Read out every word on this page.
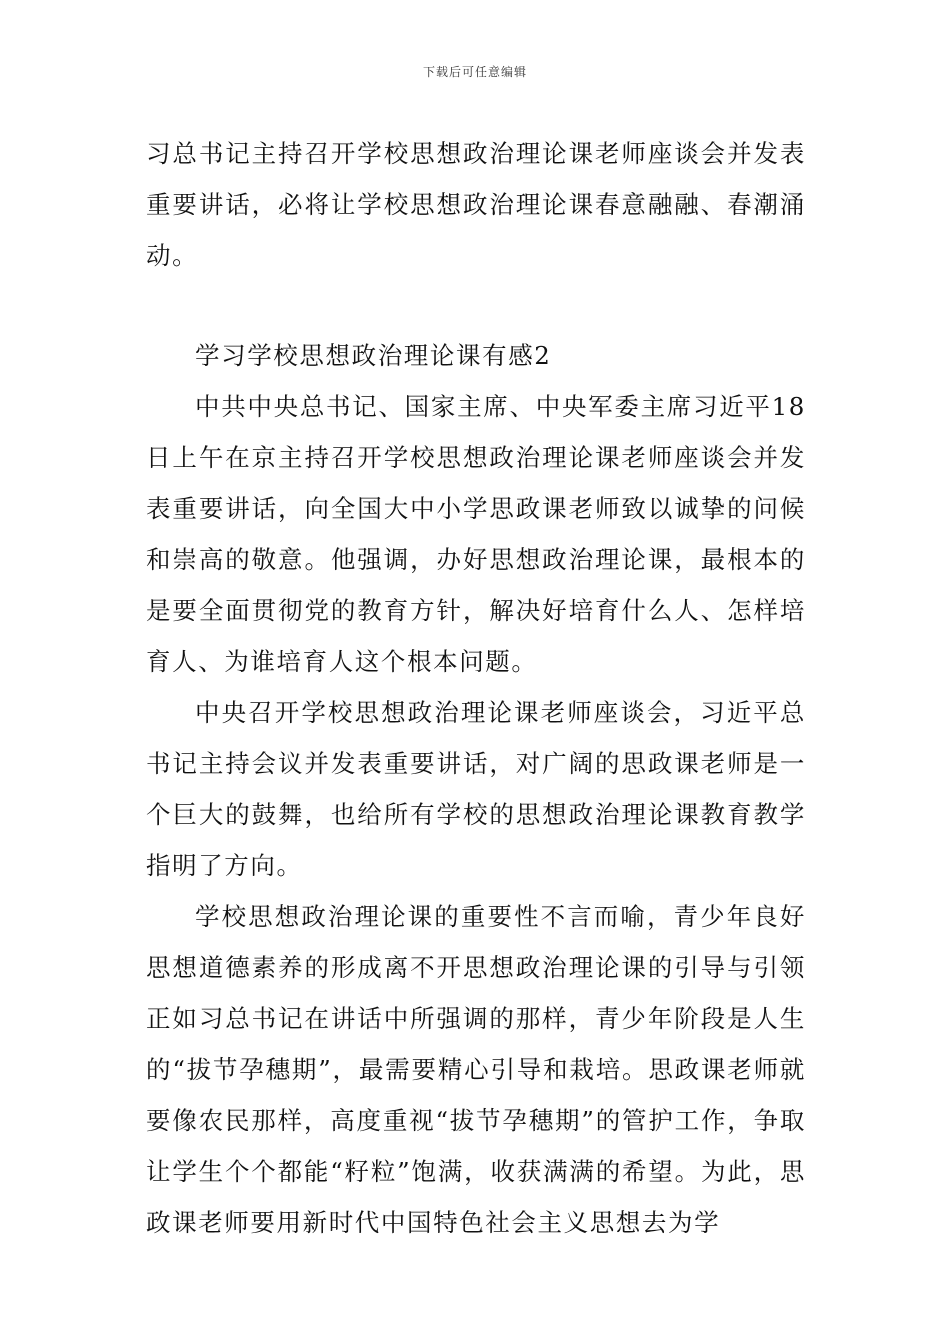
下载后可任意编辑

习总书记主持召开学校思想政治理论课老师座谈会并发表重要讲话，必将让学校思想政治理论课春意融融、春潮涌动。

学习学校思想政治理论课有感2

中共中央总书记、国家主席、中央军委主席习近平18日上午在京主持召开学校思想政治理论课老师座谈会并发表重要讲话，向全国大中小学思政课老师致以诚挚的问候和崇高的敬意。他强调，办好思想政治理论课，最根本的是要全面贯彻党的教育方针，解决好培育什么人、怎样培育人、为谁培育人这个根本问题。

中央召开学校思想政治理论课老师座谈会，习近平总书记主持会议并发表重要讲话，对广阔的思政课老师是一个巨大的鼓舞，也给所有学校的思想政治理论课教育教学指明了方向。

学校思想政治理论课的重要性不言而喻，青少年良好思想道德素养的形成离不开思想政治理论课的引导与引领正如习总书记在讲话中所强调的那样，青少年阶段是人生的“拔节孕穗期”，最需要精心引导和栽培。思政课老师就要像农民那样，高度重视“拔节孕穗期”的管护工作，争取让学生个个都能“籽粒”饱满，收获满满的希望。为此，思政课老师要用新时代中国特色社会主义思想去为学
